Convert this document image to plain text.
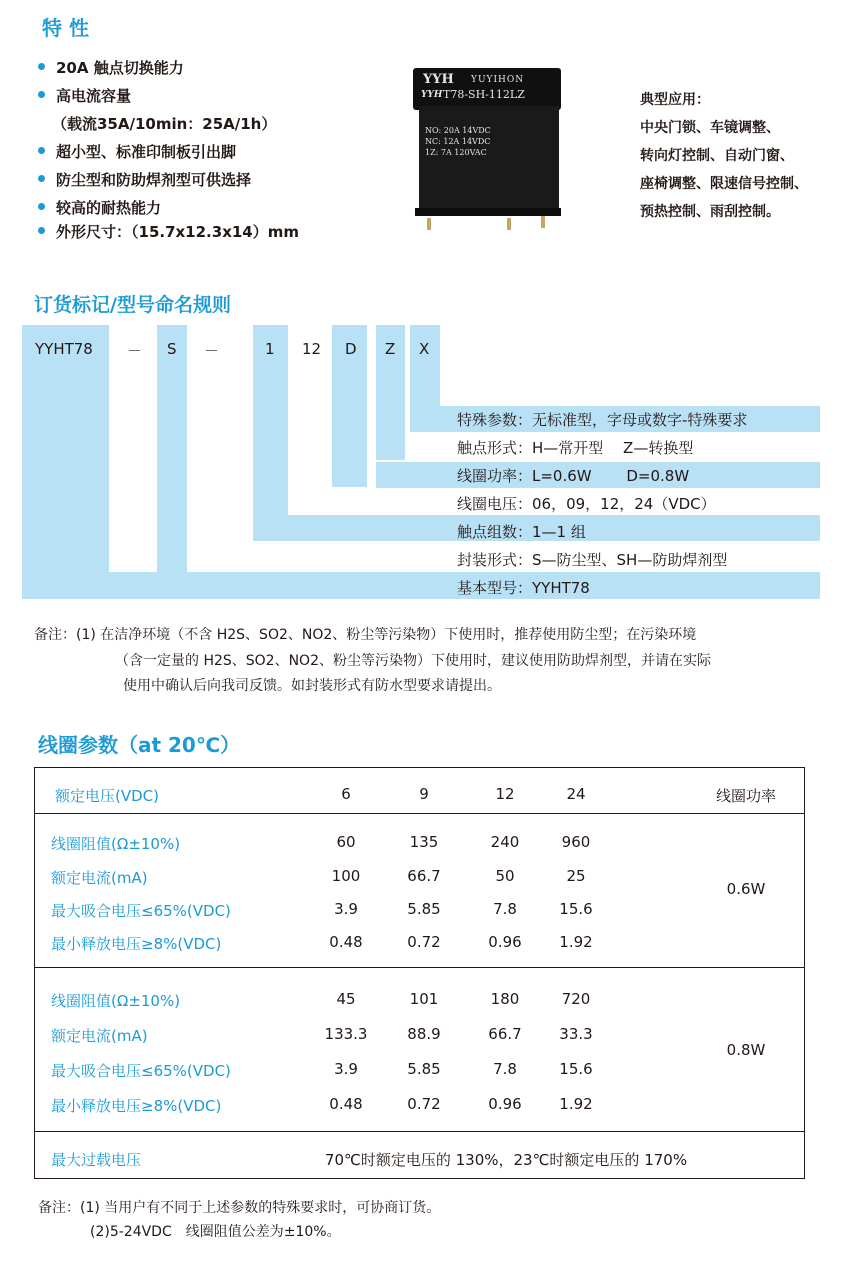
特 性
20A 触点切换能力
高电流容量
（载流35A/10min：25A/1h）
超小型、标准印制板引出脚
防尘型和防助焊剂型可供选择
较高的耐热能力
外形尺寸：（15.7x12.3x14）mm
YYH YUYIHON
YYH T78-SH-112LZ
NO: 20A 14VDC
NC: 12A 14VDC
1Z: 7A 120VAC
典型应用：
中央门锁、车镜调整、
转向灯控制、自动门窗、
座椅调整、限速信号控制、
预热控制、雨刮控制。
订货标记/型号命名规则
YYHT78 － S －	1 12 D Z X
特殊参数：无标准型，字母或数字-特殊要求
触点形式：H—常开型　 Z—转换型
线圈功率：L=0.6W　　 D=0.8W
线圈电压：06，09，12，24（VDC）
触点组数：1—1 组
封装形式：S—防尘型、SH—防助焊剂型
基本型号：YYHT78
备注：(1) 在洁净环境（不含 H2S、SO2、NO2、粉尘等污染物）下使用时，推荐使用防尘型；在污染环境
（含一定量的 H2S、SO2、NO2、粉尘等污染物）下使用时，建议使用防助焊剂型，并请在实际
使用中确认后向我司反馈。如封装形式有防水型要求请提出。
线圈参数（at 20℃）
额定电压(VDC)	6	9	12	24	线圈功率
线圈阻值(Ω±10%)	60	135	240	960
额定电流(mA)	100	66.7	50	25
最大吸合电压≤65%(VDC)	3.9	5.85	7.8	15.6
最小释放电压≥8%(VDC)	0.48	0.72	0.96	1.92
0.6W
线圈阻值(Ω±10%)	45	101	180	720
额定电流(mA)	133.3	88.9	66.7	33.3
最大吸合电压≤65%(VDC)	3.9	5.85	7.8	15.6
最小释放电压≥8%(VDC)	0.48	0.72	0.96	1.92
0.8W
最大过载电压	70℃时额定电压的 130%，23℃时额定电压的 170%
备注：(1) 当用户有不同于上述参数的特殊要求时，可协商订货。
(2)5-24VDC　线圈阻值公差为±10%。
